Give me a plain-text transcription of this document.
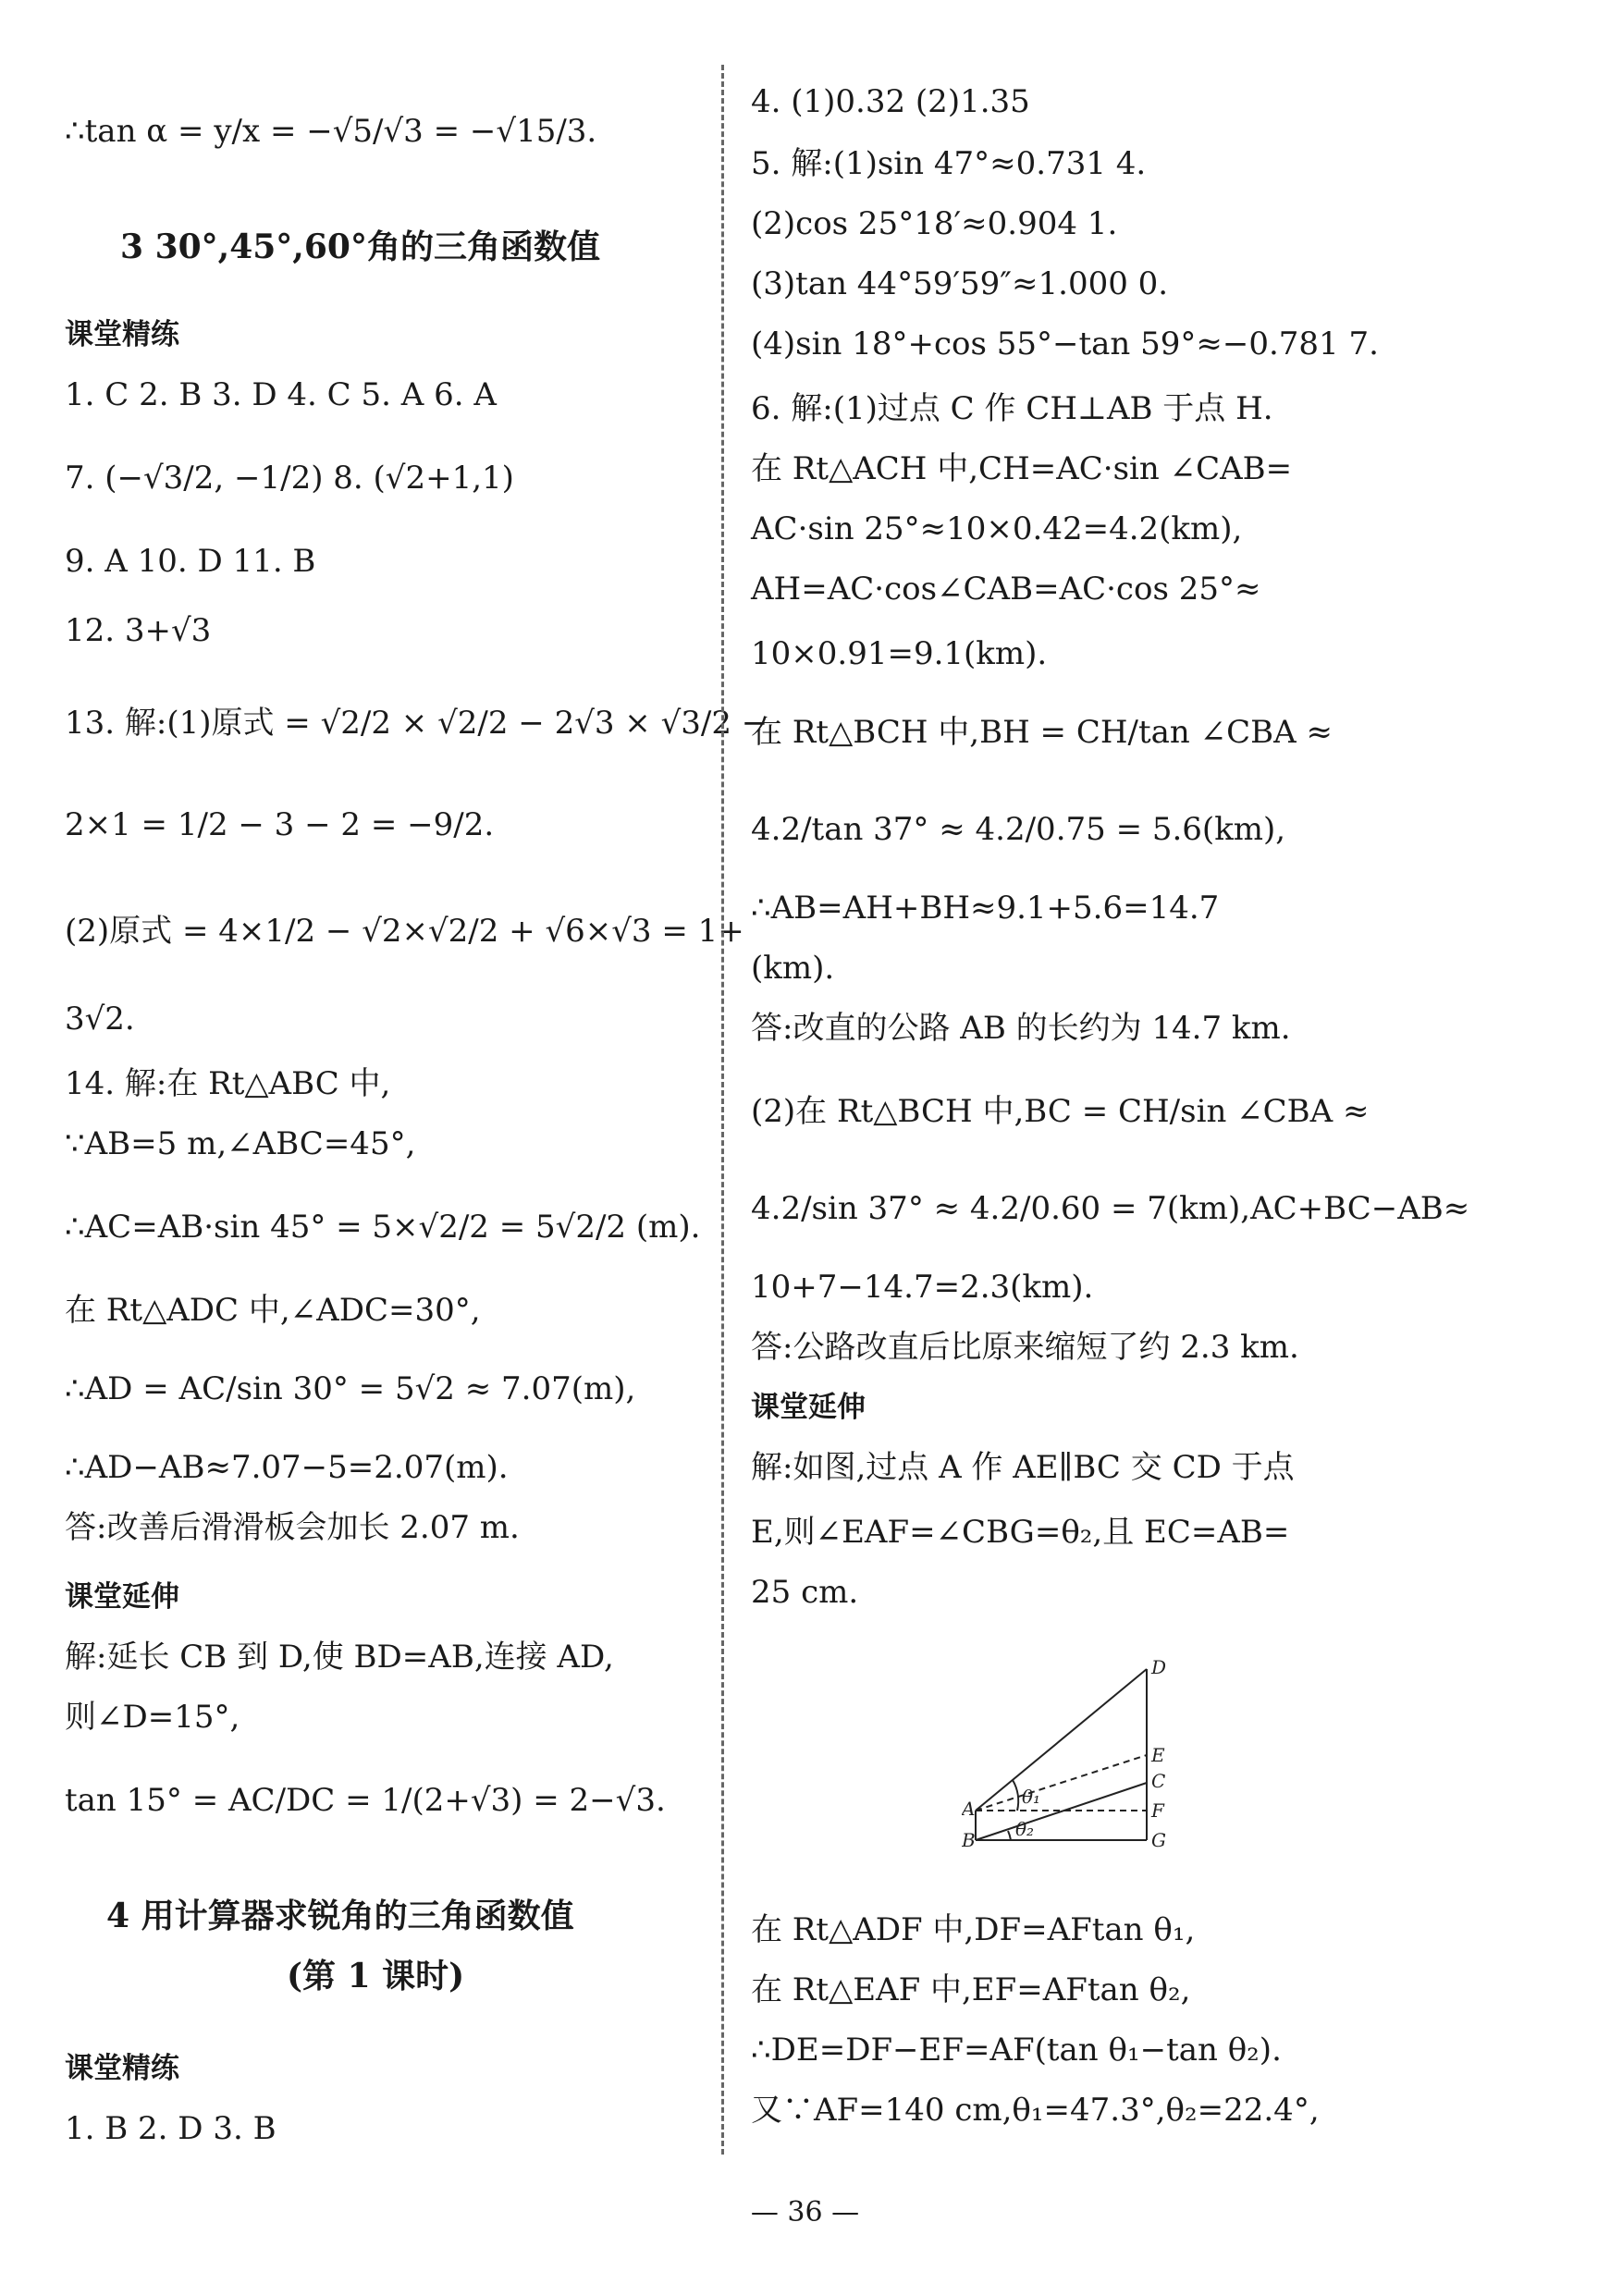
∴tan α = y/x = −√5/√3 = −√15/3.
3 30°,45°,60°角的三角函数值
课堂精练
1. C 2. B 3. D 4. C 5. A 6. A
7. (−√3/2, −1/2) 8. (√2+1,1)
9. A 10. D 11. B
12. 3+√3
13. 解:(1)原式 = √2/2 × √2/2 − 2√3 × √3/2 −
2×1 = 1/2 − 3 − 2 = −9/2.
(2)原式 = 4×1/2 − √2×√2/2 + √6×√3 = 1+
3√2.
14. 解:在 Rt△ABC 中,
∵AB=5 m,∠ABC=45°,
∴AC=AB·sin 45° = 5×√2/2 = 5√2/2 (m).
在 Rt△ADC 中,∠ADC=30°,
∴AD = AC/sin 30° = 5√2 ≈ 7.07(m),
∴AD−AB≈7.07−5=2.07(m).
答:改善后滑滑板会加长 2.07 m.
课堂延伸
解:延长 CB 到 D,使 BD=AB,连接 AD,
则∠D=15°,
tan 15° = AC/DC = 1/(2+√3) = 2−√3.
4 用计算器求锐角的三角函数值
(第 1 课时)
课堂精练
1. B 2. D 3. B
4. (1)0.32 (2)1.35
5. 解:(1)sin 47°≈0.731 4.
(2)cos 25°18′≈0.904 1.
(3)tan 44°59′59″≈1.000 0.
(4)sin 18°+cos 55°−tan 59°≈−0.781 7.
6. 解:(1)过点 C 作 CH⊥AB 于点 H.
在 Rt△ACH 中,CH=AC·sin ∠CAB=
AC·sin 25°≈10×0.42=4.2(km),
AH=AC·cos∠CAB=AC·cos 25°≈
10×0.91=9.1(km).
在 Rt△BCH 中,BH = CH/tan ∠CBA ≈
4.2/tan 37° ≈ 4.2/0.75 = 5.6(km),
∴AB=AH+BH≈9.1+5.6=14.7
(km).
答:改直的公路 AB 的长约为 14.7 km.
(2)在 Rt△BCH 中,BC = CH/sin ∠CBA ≈
4.2/sin 37° ≈ 4.2/0.60 = 7(km),AC+BC−AB≈
10+7−14.7=2.3(km).
答:公路改直后比原来缩短了约 2.3 km.
课堂延伸
解:如图,过点 A 作 AE∥BC 交 CD 于点
E,则∠EAF=∠CBG=θ₂,且 EC=AB=
25 cm.
在 Rt△ADF 中,DF=AFtan θ₁,
在 Rt△EAF 中,EF=AFtan θ₂,
∴DE=DF−EF=AF(tan θ₁−tan θ₂).
又∵AF=140 cm,θ₁=47.3°,θ₂=22.4°,
D
E
C
F
G
A
B
θ₁
θ₂
— 36 —
